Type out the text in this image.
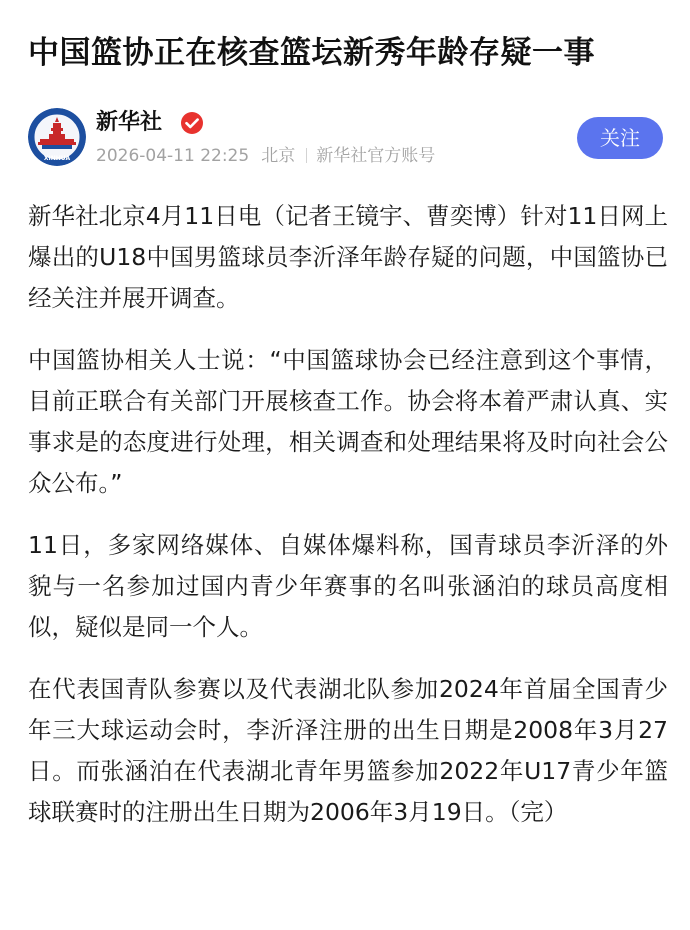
中国篮协正在核查篮坛新秀年龄存疑一事
XINHUA
新华社
2026-04-11 22:25 北京 新华社官方账号
关注

新华社北京4月11日电（记者王镜宇、曹奕博）针对11日网上爆出的U18中国男篮球员李沂泽年龄存疑的问题，中国篮协已经关注并展开调查。

中国篮协相关人士说：“中国篮球协会已经注意到这个事情，目前正联合有关部门开展核查工作。协会将本着严肃认真、实事求是的态度进行处理，相关调查和处理结果将及时向社会公众公布。”

11日，多家网络媒体、自媒体爆料称，国青球员李沂泽的外貌与一名参加过国内青少年赛事的名叫张涵泊的球员高度相似，疑似是同一个人。

在代表国青队参赛以及代表湖北队参加2024年首届全国青少年三大球运动会时，李沂泽注册的出生日期是2008年3月27日。而张涵泊在代表湖北青年男篮参加2022年U17青少年篮球联赛时的注册出生日期为2006年3月19日。（完）
